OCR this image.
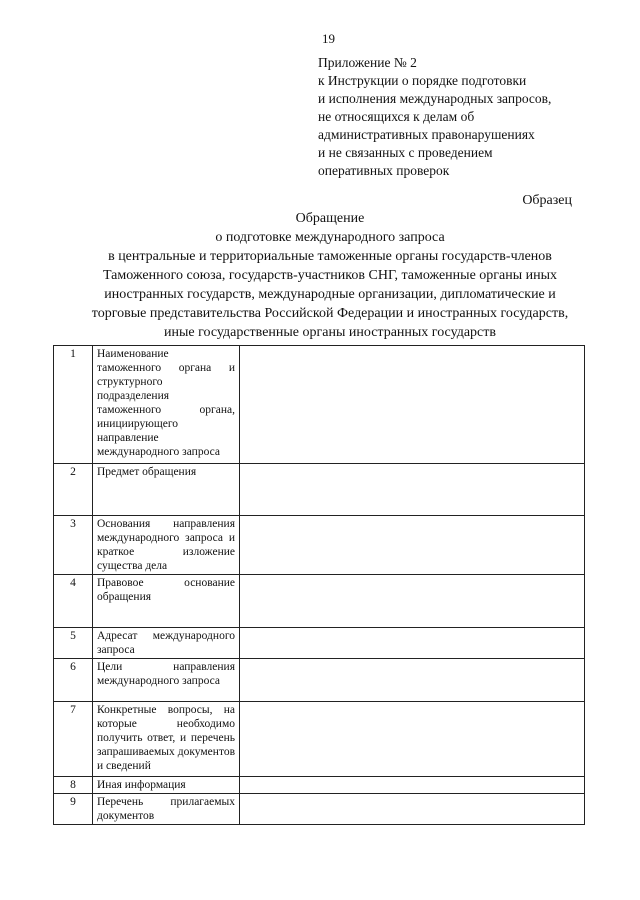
19
Приложение № 2
к Инструкции о порядке подготовки
и исполнения международных запросов,
не относящихся к делам об
административных правонарушениях
и не связанных с проведением
оперативных проверок
Образец
Обращение
о подготовке международного запроса
в центральные и территориальные таможенные органы государств-членов
Таможенного союза, государств-участников СНГ, таможенные органы иных
иностранных государств, международные организации, дипломатические и
торговые представительства Российской Федерации и иностранных государств,
иные государственные органы иностранных государств
1	Наименование таможенного органа и структурного подразделения таможенного органа, инициирующего направление международного запроса	
2	Предмет обращения	
3	Основания направления международного запроса и краткое изложение существа дела	
4	Правовое основание обращения	
5	Адресат международного запроса	
6	Цели направления международного запроса	
7	Конкретные вопросы, на которые необходимо получить ответ, и перечень запрашиваемых документов и сведений	
8	Иная информация	
9	Перечень прилагаемых документов	
